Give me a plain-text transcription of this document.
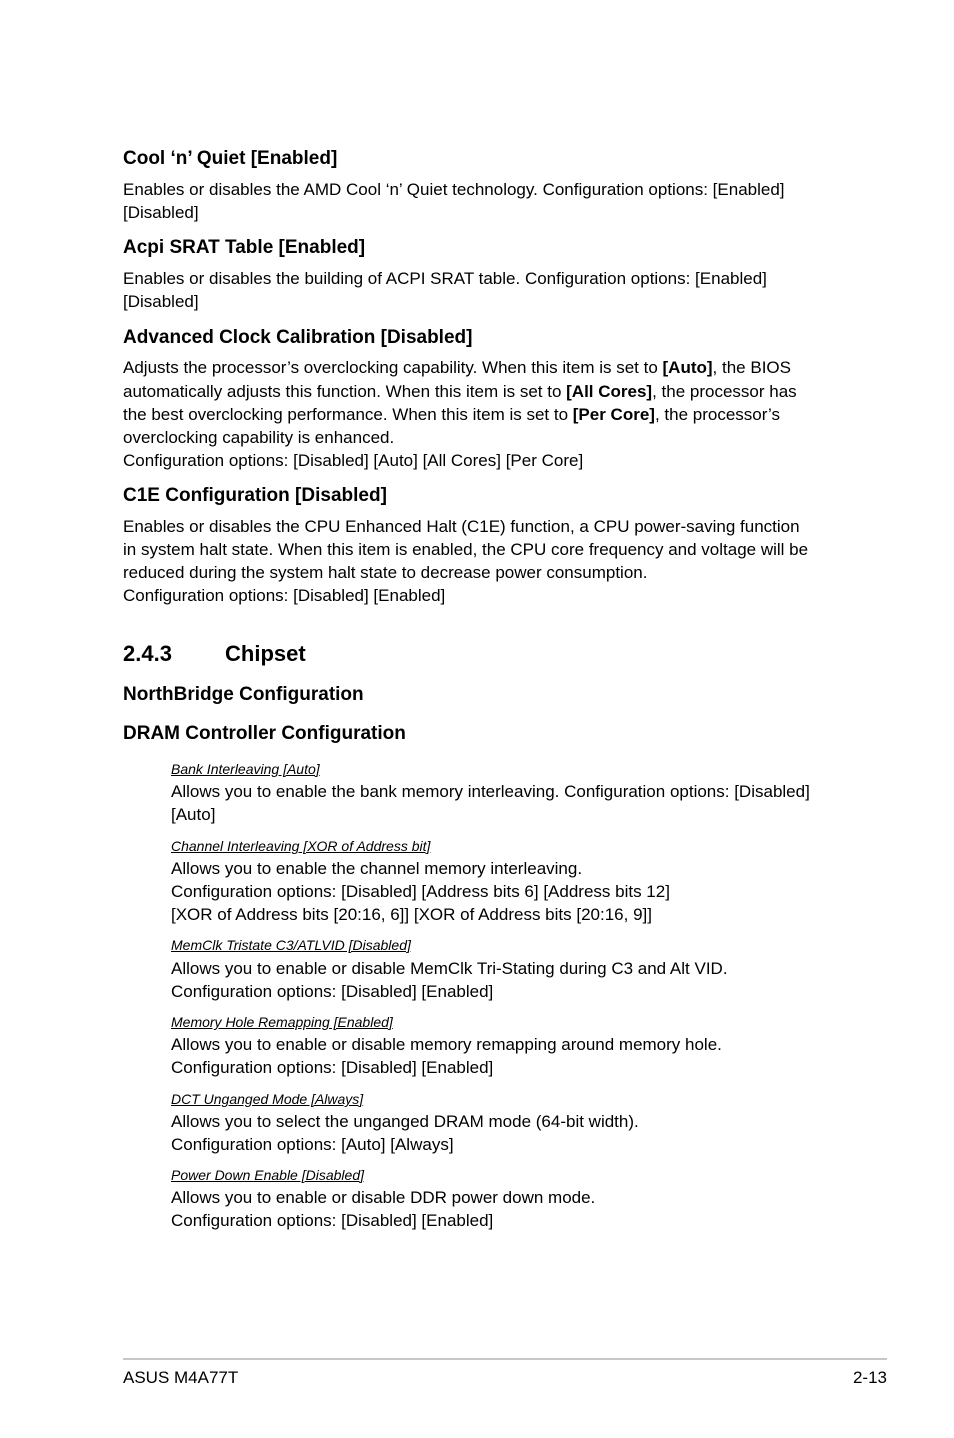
Cool ‘n’ Quiet [Enabled]
Enables or disables the AMD Cool ‘n’ Quiet technology. Configuration options: [Enabled]
[Disabled]
Acpi SRAT Table [Enabled]
Enables or disables the building of ACPI SRAT table. Configuration options: [Enabled]
[Disabled]
Advanced Clock Calibration [Disabled]
Adjusts the processor’s overclocking capability. When this item is set to [Auto], the BIOS
automatically adjusts this function. When this item is set to [All Cores], the processor has
the best overclocking performance. When this item is set to [Per Core], the processor’s
overclocking capability is enhanced.
Configuration options: [Disabled] [Auto] [All Cores] [Per Core]
C1E Configuration [Disabled]
Enables or disables the CPU Enhanced Halt (C1E) function, a CPU power-saving function
in system halt state. When this item is enabled, the CPU core frequency and voltage will be
reduced during the system halt state to decrease power consumption.
Configuration options: [Disabled] [Enabled]
2.4.3 Chipset
NorthBridge Configuration
DRAM Controller Configuration
Bank Interleaving [Auto]
Allows you to enable the bank memory interleaving. Configuration options: [Disabled]
[Auto]
Channel Interleaving [XOR of Address bit]
Allows you to enable the channel memory interleaving.
Configuration options: [Disabled] [Address bits 6] [Address bits 12]
[XOR of Address bits [20:16, 6]] [XOR of Address bits [20:16, 9]]
MemClk Tristate C3/ATLVID [Disabled]
Allows you to enable or disable MemClk Tri-Stating during C3 and Alt VID.
Configuration options: [Disabled] [Enabled]
Memory Hole Remapping [Enabled]
Allows you to enable or disable memory remapping around memory hole.
Configuration options: [Disabled] [Enabled]
DCT Unganged Mode [Always]
Allows you to select the unganged DRAM mode (64-bit width).
Configuration options: [Auto] [Always]
Power Down Enable [Disabled]
Allows you to enable or disable DDR power down mode.
Configuration options: [Disabled] [Enabled]
ASUS M4A77T	2-13
